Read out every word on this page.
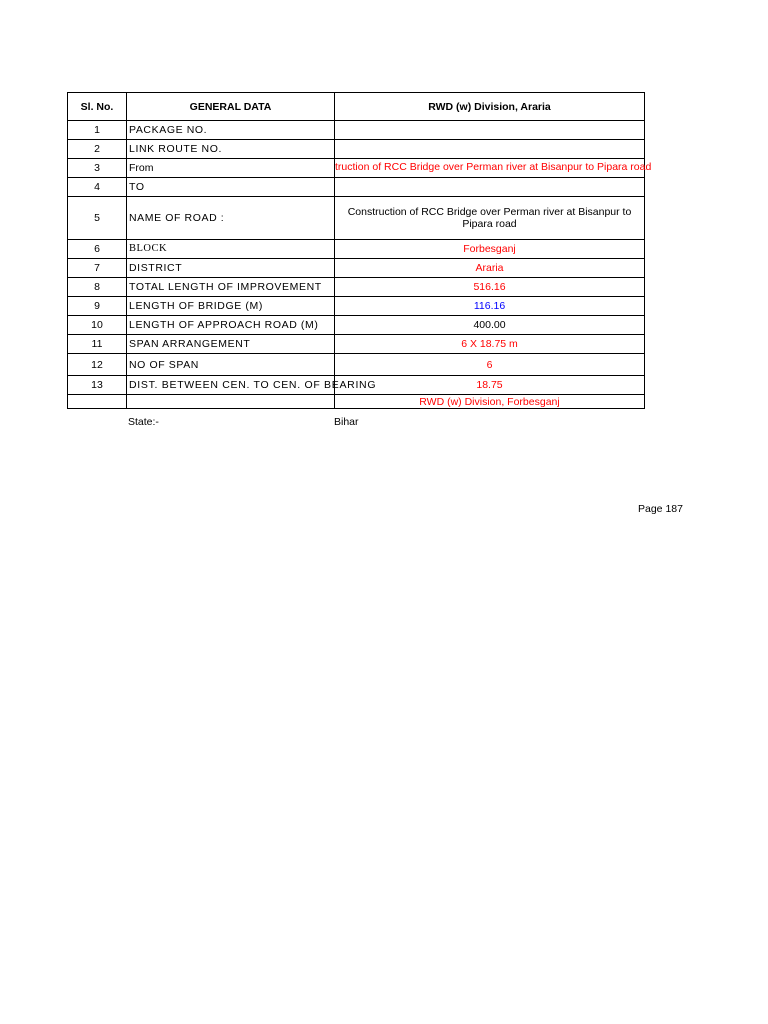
Sl. No.	GENERAL DATA	RWD (w) Division, Araria
1	PACKAGE NO.	
2	LINK ROUTE NO.	
3	From	truction of RCC Bridge over Perman river at Bisanpur to Pipara road

4	TO	
5	NAME OF ROAD :	Construction of RCC Bridge over Perman river at Bisanpur to Pipara road
6	BLOCK	Forbesganj
7	DISTRICT	Araria
8	TOTAL LENGTH OF IMPROVEMENT	516.16
9	LENGTH OF BRIDGE (M)	116.16
10	LENGTH OF APPROACH ROAD (M)	400.00
11	SPAN ARRANGEMENT	6 X 18.75 m
12	NO OF SPAN	6
13	DIST. BETWEEN CEN. TO CEN. OF BEARING	18.75
		RWD (w) Division, Forbesganj
State:-	Bihar
Page 187
